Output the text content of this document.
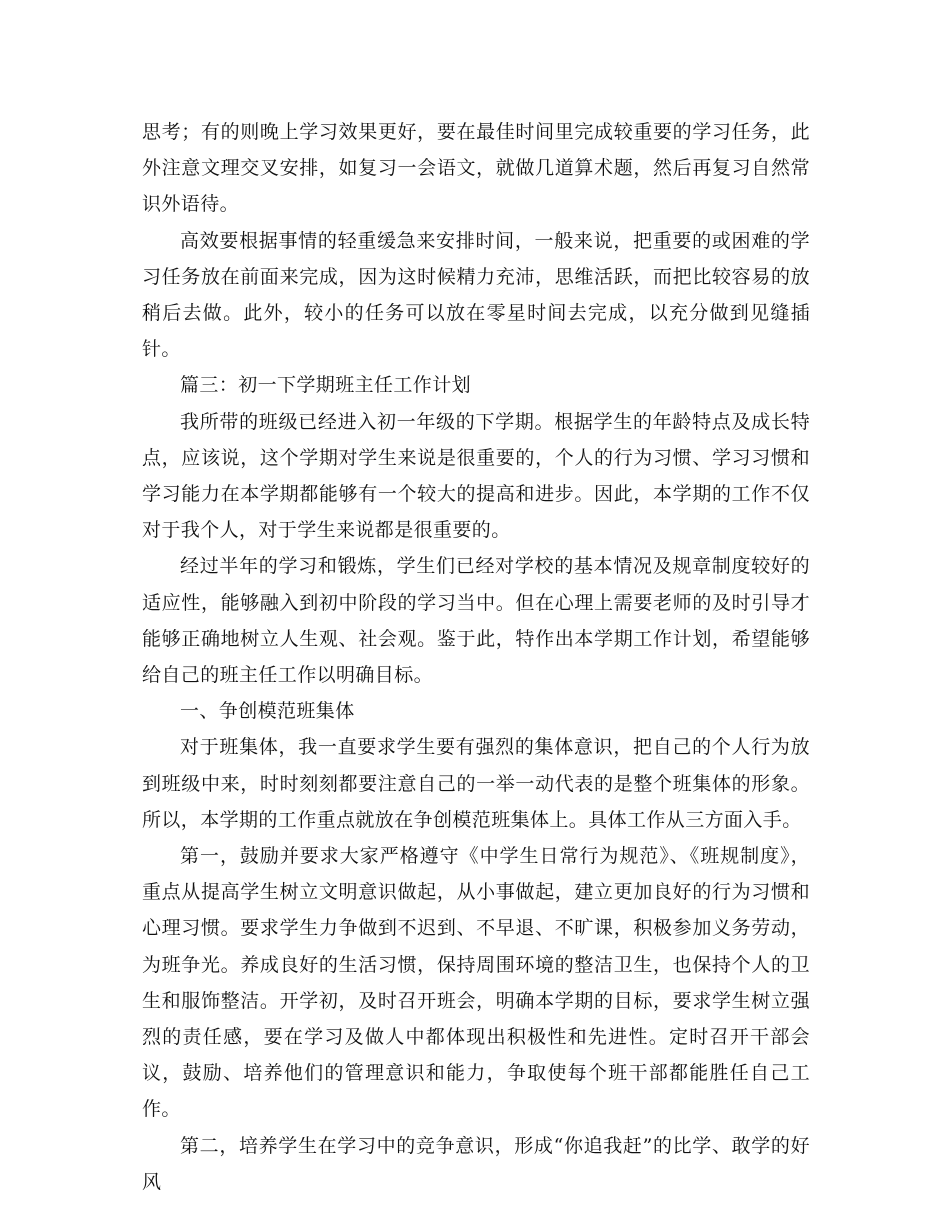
思考；有的则晚上学习效果更好，要在最佳时间里完成较重要的学习任务，此外注意文理交叉安排，如复习一会语文，就做几道算术题，然后再复习自然常识外语待。

高效要根据事情的轻重缓急来安排时间，一般来说，把重要的或困难的学习任务放在前面来完成，因为这时候精力充沛，思维活跃，而把比较容易的放稍后去做。此外，较小的任务可以放在零星时间去完成，以充分做到见缝插针。

篇三：初一下学期班主任工作计划

我所带的班级已经进入初一年级的下学期。根据学生的年龄特点及成长特点，应该说，这个学期对学生来说是很重要的，个人的行为习惯、学习习惯和学习能力在本学期都能够有一个较大的提高和进步。因此，本学期的工作不仅对于我个人，对于学生来说都是很重要的。

经过半年的学习和锻炼，学生们已经对学校的基本情况及规章制度较好的适应性，能够融入到初中阶段的学习当中。但在心理上需要老师的及时引导才能够正确地树立人生观、社会观。鉴于此，特作出本学期工作计划，希望能够给自己的班主任工作以明确目标。

一、争创模范班集体

对于班集体，我一直要求学生要有强烈的集体意识，把自己的个人行为放到班级中来，时时刻刻都要注意自己的一举一动代表的是整个班集体的形象。所以，本学期的工作重点就放在争创模范班集体上。具体工作从三方面入手。

第一，鼓励并要求大家严格遵守《中学生日常行为规范》、《班规制度》，重点从提高学生树立文明意识做起，从小事做起，建立更加良好的行为习惯和心理习惯。要求学生力争做到不迟到、不早退、不旷课，积极参加义务劳动，为班争光。养成良好的生活习惯，保持周围环境的整洁卫生，也保持个人的卫生和服饰整洁。开学初，及时召开班会，明确本学期的目标，要求学生树立强烈的责任感，要在学习及做人中都体现出积极性和先进性。定时召开干部会议，鼓励、培养他们的管理意识和能力，争取使每个班干部都能胜任自己工作。

第二，培养学生在学习中的竞争意识，形成“你追我赶”的比学、敢学的好风
